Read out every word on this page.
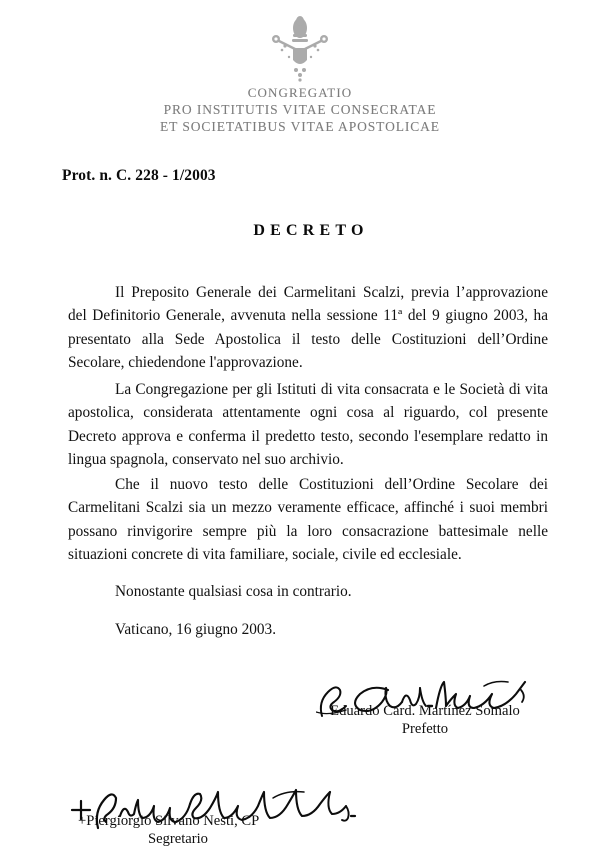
CONGREGATIO
PRO INSTITUTIS VITAE CONSECRATAE
ET SOCIETATIBUS VITAE APOSTOLICAE
Prot. n. C. 228 - 1/2003
DECRETO

Il Preposito Generale dei Carmelitani Scalzi, previa l’approvazione del Definitorio Generale, avvenuta nella sessione 11ª del 9 giugno 2003, ha presentato alla Sede Apostolica il testo delle Costituzioni dell’Ordine Secolare, chiedendone l'approvazione.

La Congregazione per gli Istituti di vita consacrata e le Società di vita apostolica, considerata attentamente ogni cosa al riguardo, col presente Decreto approva e conferma il predetto testo, secondo l'esemplare redatto in lingua spagnola, conservato nel suo archivio.

Che il nuovo testo delle Costituzioni dell’Ordine Secolare dei Carmelitani Scalzi sia un mezzo veramente efficace, affinché i suoi membri possano rinvigorire sempre più la loro consacrazione battesimale nelle situazioni concrete di vita familiare, sociale, civile ed ecclesiale.

Nonostante qualsiasi cosa in contrario.
Vaticano, 16 giugno 2003.
Eduardo Card. Martínez Somalo
Prefetto
+Piergiorgio Silvano Nesti, CP
Segretario
